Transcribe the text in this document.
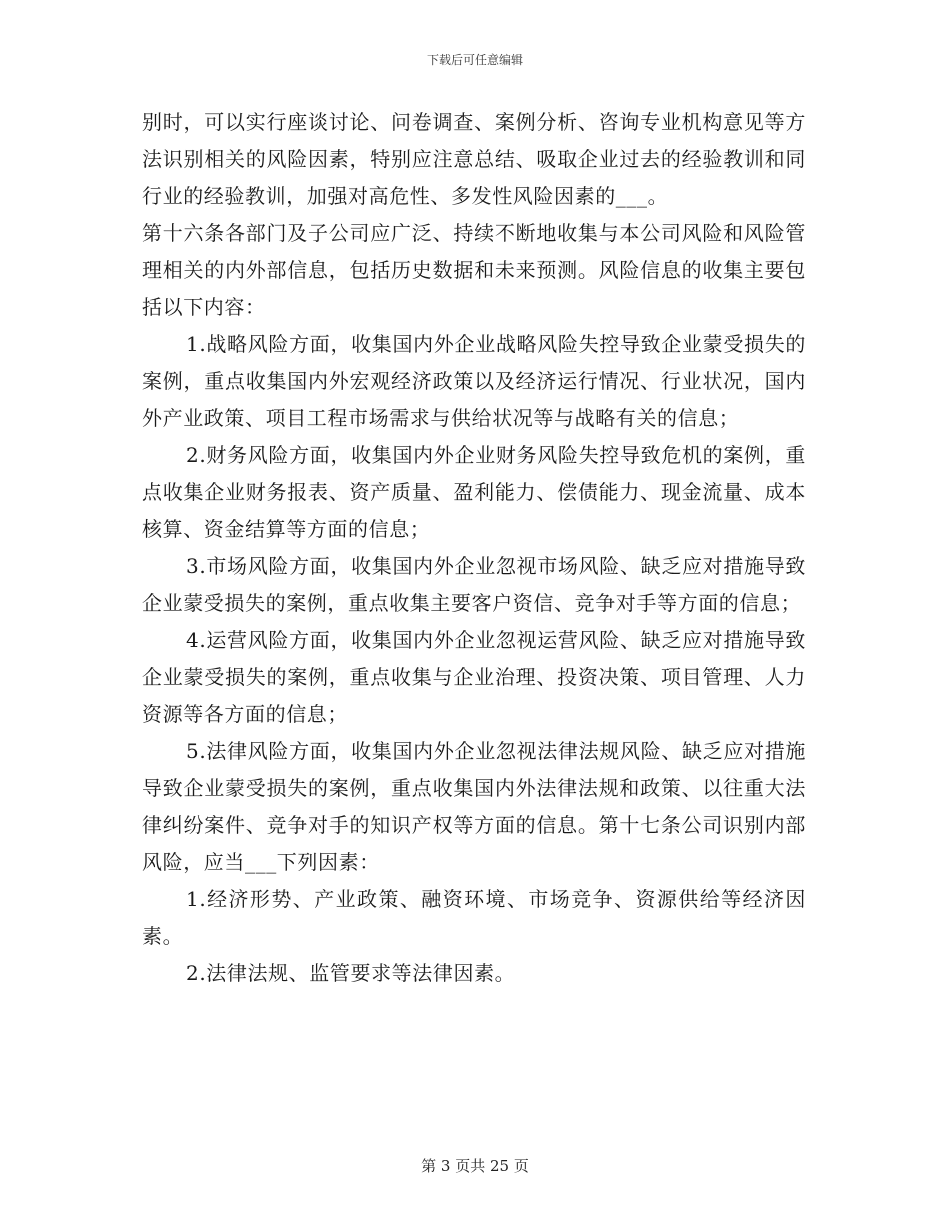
下载后可任意编辑

别时，可以实行座谈讨论、问卷调查、案例分析、咨询专业机构意见等方法识别相关的风险因素，特别应注意总结、吸取企业过去的经验教训和同行业的经验教训，加强对高危性、多发性风险因素的___。

第十六条各部门及子公司应广泛、持续不断地收集与本公司风险和风险管理相关的内外部信息，包括历史数据和未来预测。风险信息的收集主要包括以下内容：

1.战略风险方面，收集国内外企业战略风险失控导致企业蒙受损失的案例，重点收集国内外宏观经济政策以及经济运行情况、行业状况，国内外产业政策、项目工程市场需求与供给状况等与战略有关的信息；

2.财务风险方面，收集国内外企业财务风险失控导致危机的案例，重点收集企业财务报表、资产质量、盈利能力、偿债能力、现金流量、成本核算、资金结算等方面的信息；

3.市场风险方面，收集国内外企业忽视市场风险、缺乏应对措施导致企业蒙受损失的案例，重点收集主要客户资信、竞争对手等方面的信息；

4.运营风险方面，收集国内外企业忽视运营风险、缺乏应对措施导致企业蒙受损失的案例，重点收集与企业治理、投资决策、项目管理、人力资源等各方面的信息；

5.法律风险方面，收集国内外企业忽视法律法规风险、缺乏应对措施导致企业蒙受损失的案例，重点收集国内外法律法规和政策、以往重大法律纠纷案件、竞争对手的知识产权等方面的信息。第十七条公司识别内部风险，应当___下列因素：

1.经济形势、产业政策、融资环境、市场竞争、资源供给等经济因素。

2.法律法规、监管要求等法律因素。

第 3 页共 25 页
